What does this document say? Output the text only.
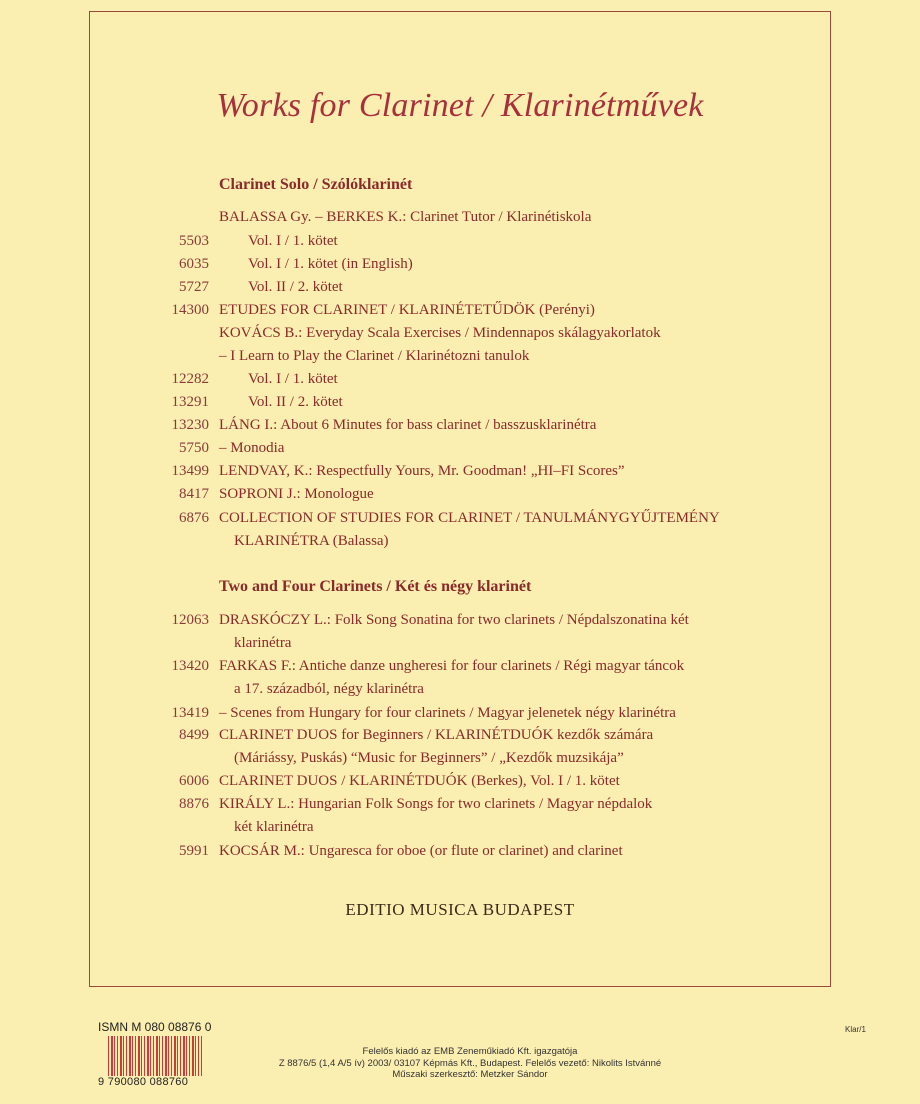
Works for Clarinet / Klarinétművek
Clarinet Solo / Szólóklarinét
BALASSA Gy. – BERKES K.: Clarinet Tutor / Klarinétiskola
5503	Vol. I / 1. kötet
6035	Vol. I / 1. kötet (in English)
5727	Vol. II / 2. kötet
14300 ETUDES FOR CLARINET / KLARINÉTETŰDÖK (Perényi)
KOVÁCS B.: Everyday Scala Exercises / Mindennapos skálagyakorlatok
– I Learn to Play the Clarinet / Klarinétozni tanulok
12282	Vol. I / 1. kötet
13291	Vol. II / 2. kötet
13230 LÁNG I.: About 6 Minutes for bass clarinet / basszusklarinétra
5750 – Monodia
13499 LENDVAY, K.: Respectfully Yours, Mr. Goodman! „HI–FI Scores”
8417 SOPRONI J.: Monologue
6876 COLLECTION OF STUDIES FOR CLARINET / TANULMÁNYGYŰJTEMÉNY
KLARINÉTRA (Balassa)
Two and Four Clarinets / Két és négy klarinét
12063 DRASKÓCZY L.: Folk Song Sonatina for two clarinets / Népdalszonatina két
klarinétra
13420 FARKAS F.: Antiche danze ungheresi for four clarinets / Régi magyar táncok
a 17. századból, négy klarinétra
13419 – Scenes from Hungary for four clarinets / Magyar jelenetek négy klarinétra
8499 CLARINET DUOS for Beginners / KLARINÉTDUÓK kezdők számára
(Máriássy, Puskás) “Music for Beginners” / „Kezdők muzsikája”
6006 CLARINET DUOS / KLARINÉTDUÓK (Berkes), Vol. I / 1. kötet
8876 KIRÁLY L.: Hungarian Folk Songs for two clarinets / Magyar népdalok
két klarinétra
5991 KOCSÁR M.: Ungaresca for oboe (or flute or clarinet) and clarinet
EDITIO MUSICA BUDAPEST
Klar/1
ISMN M 080 08876 0
9 790080 088760
Felelős kiadó az EMB Zeneműkiadó Kft. igazgatója
Z 8876/5 (1,4 A/5 ív) 2003/ 03107 Képmás Kft., Budapest. Felelős vezető: Nikolits Istvánné
Műszaki szerkesztő: Metzker Sándor
